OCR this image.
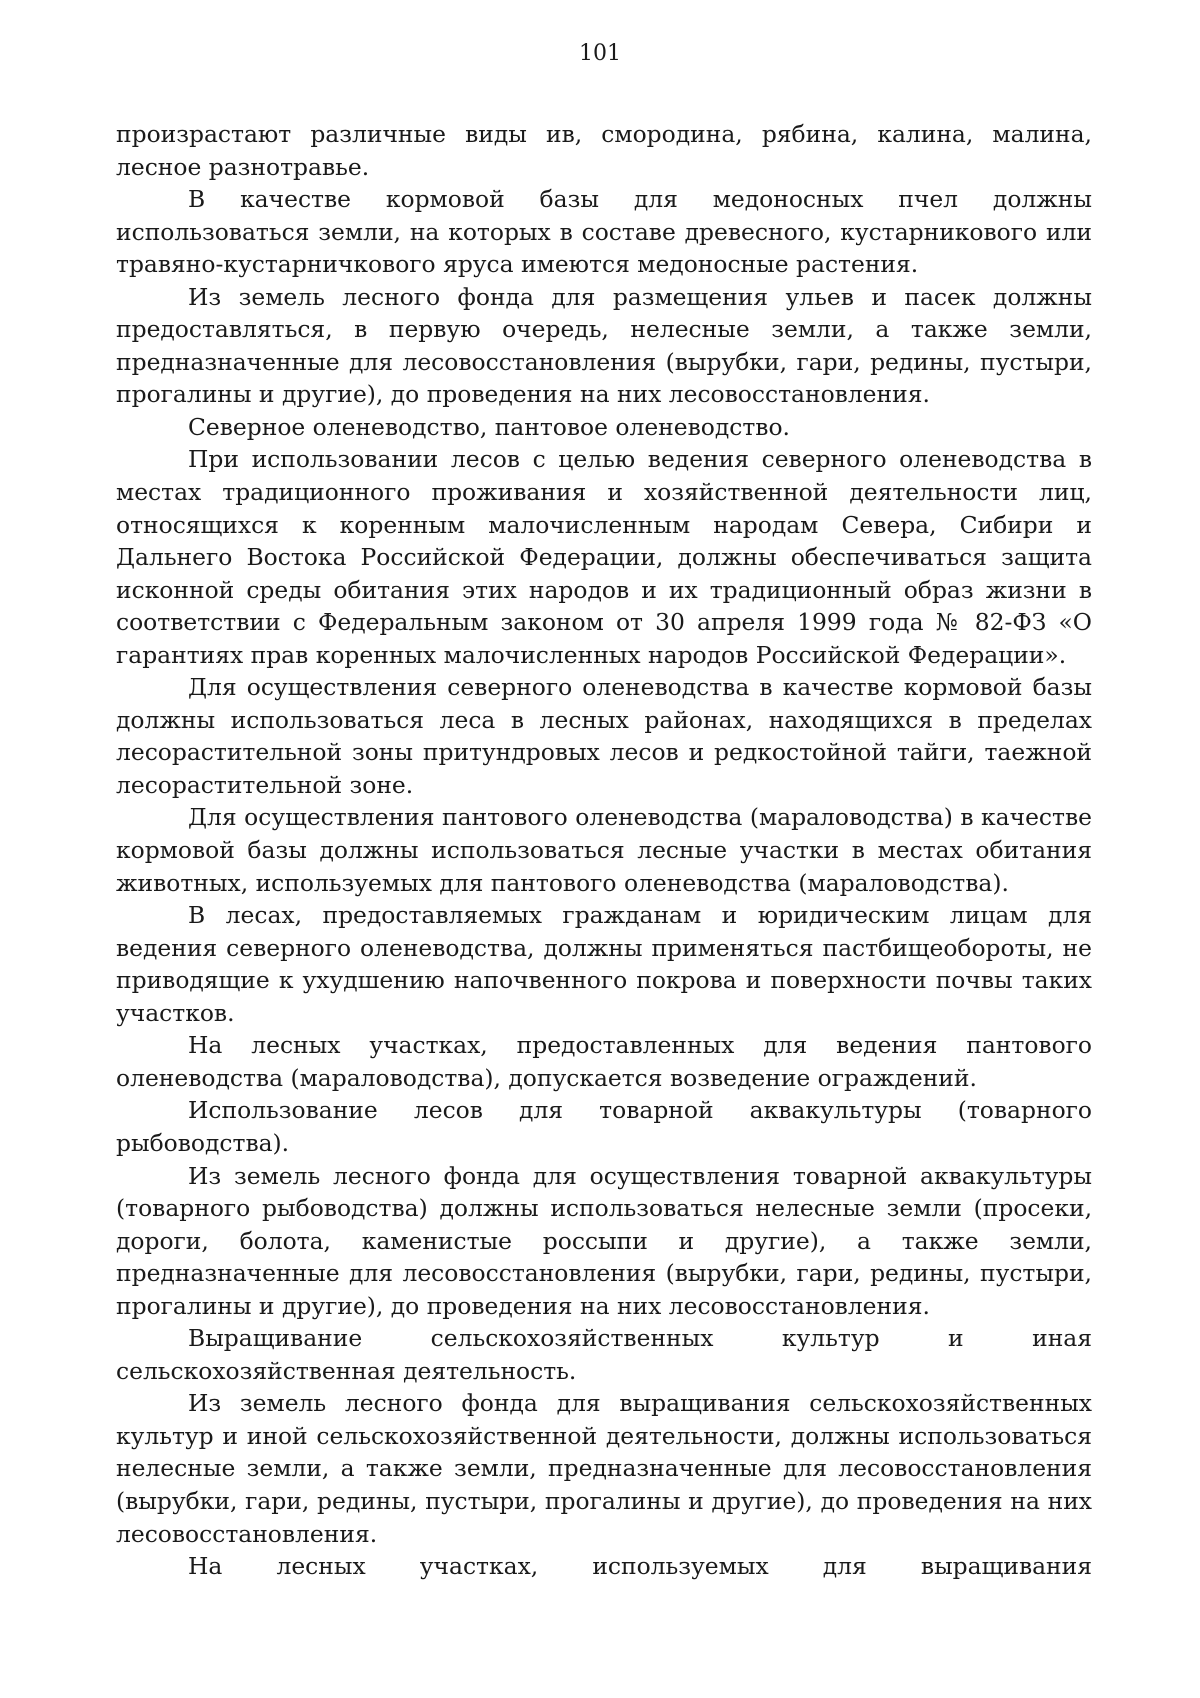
101

произрастают различные виды ив, смородина, рябина, калина, малина, лесное разнотравье.

В качестве кормовой базы для медоносных пчел должны использоваться земли, на которых в составе древесного, кустарникового или травяно-кустарничкового яруса имеются медоносные растения.

Из земель лесного фонда для размещения ульев и пасек должны предоставляться, в первую очередь, нелесные земли, а также земли, предназначенные для лесовосстановления (вырубки, гари, редины, пустыри, прогалины и другие), до проведения на них лесовосстановления.

Северное оленеводство, пантовое оленеводство.

При использовании лесов с целью ведения северного оленеводства в местах традиционного проживания и хозяйственной деятельности лиц, относящихся к коренным малочисленным народам Севера, Сибири и Дальнего Востока Российской Федерации, должны обеспечиваться защита исконной среды обитания этих народов и их традиционный образ жизни в соответствии с Федеральным законом от 30 апреля 1999 года № 82-ФЗ «О гарантиях прав коренных малочисленных народов Российской Федерации».

Для осуществления северного оленеводства в качестве кормовой базы должны использоваться леса в лесных районах, находящихся в пределах лесорастительной зоны притундровых лесов и редкостойной тайги, таежной лесорастительной зоне.

Для осуществления пантового оленеводства (мараловодства) в качестве кормовой базы должны использоваться лесные участки в местах обитания животных, используемых для пантового оленеводства (мараловодства).

В лесах, предоставляемых гражданам и юридическим лицам для ведения северного оленеводства, должны применяться пастбищеобороты, не приводящие к ухудшению напочвенного покрова и поверхности почвы таких участков.

На лесных участках, предоставленных для ведения пантового оленеводства (мараловодства), допускается возведение ограждений.

Использование лесов для товарной аквакультуры (товарного рыбоводства).

Из земель лесного фонда для осуществления товарной аквакультуры (товарного рыбоводства) должны использоваться нелесные земли (просеки, дороги, болота, каменистые россыпи и другие), а также земли, предназначенные для лесовосстановления (вырубки, гари, редины, пустыри, прогалины и другие), до проведения на них лесовосстановления.

Выращивание сельскохозяйственных культур и иная сельскохозяйственная деятельность.

Из земель лесного фонда для выращивания сельскохозяйственных культур и иной сельскохозяйственной деятельности, должны использоваться нелесные земли, а также земли, предназначенные для лесовосстановления (вырубки, гари, редины, пустыри, прогалины и другие), до проведения на них лесовосстановления.

На лесных участках, используемых для выращивания
